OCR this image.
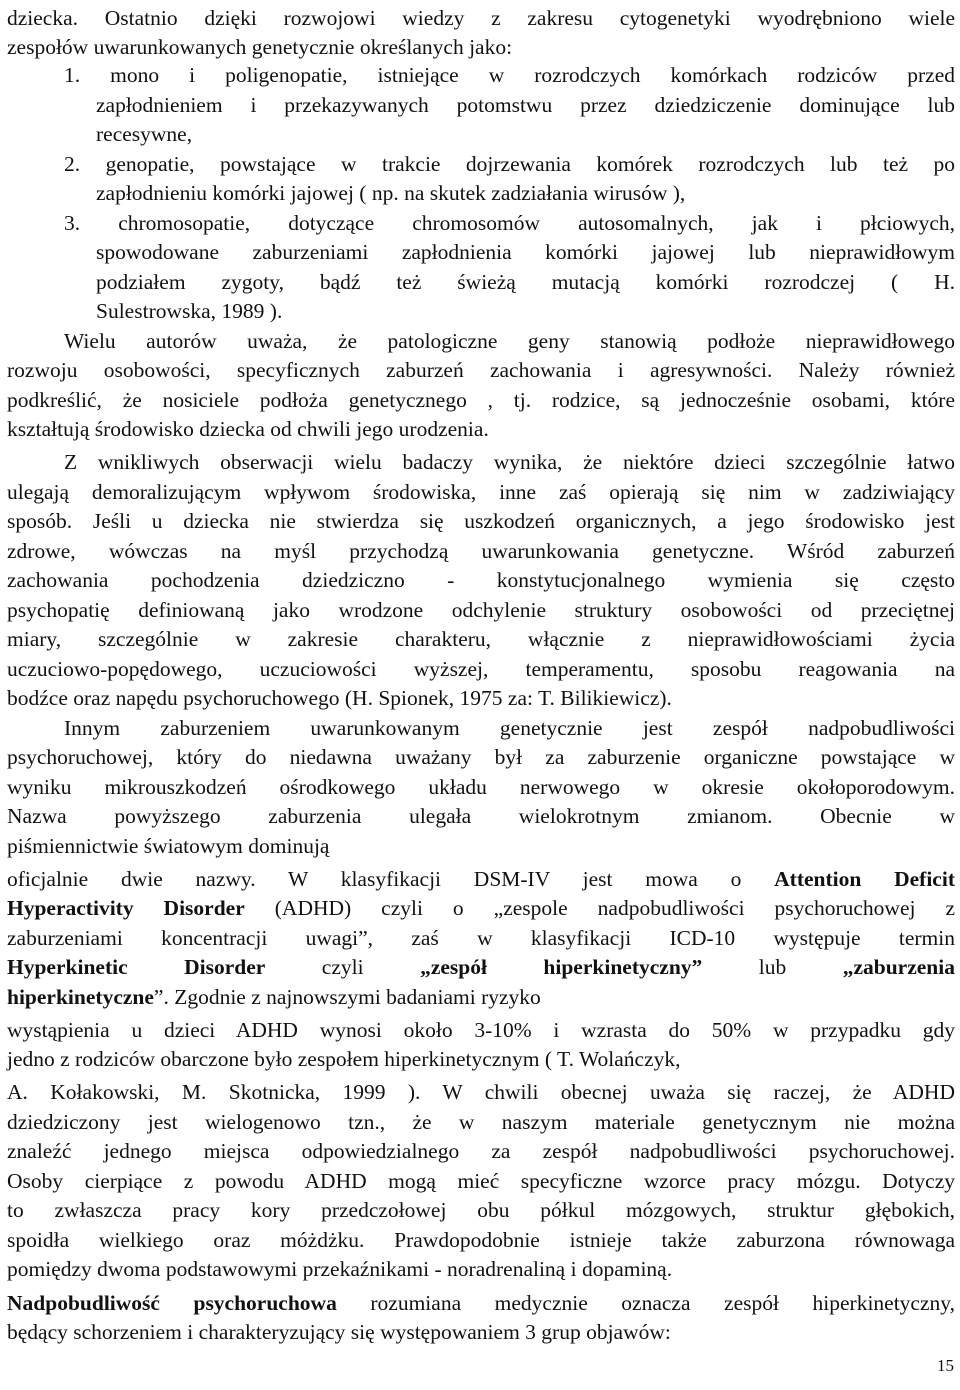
dziecka. Ostatnio dzięki rozwojowi wiedzy z zakresu cytogenetyki wyodrębniono wiele
zespołów uwarunkowanych genetycznie określanych jako:
1. mono i poligenopatie, istniejące w rozrodczych komórkach rodziców przed
zapłodnieniem i przekazywanych potomstwu przez dziedziczenie dominujące lub
recesywne,
2. genopatie, powstające w trakcie dojrzewania komórek rozrodczych lub też po
zapłodnieniu komórki jajowej ( np. na skutek zadziałania wirusów ),
3. chromosopatie, dotyczące chromosomów autosomalnych, jak i płciowych,
spowodowane zaburzeniami zapłodnienia komórki jajowej lub nieprawidłowym
podziałem zygoty, bądź też świeżą mutacją komórki rozrodczej ( H.
Sulestrowska, 1989 ).
Wielu autorów uważa, że patologiczne geny stanowią podłoże nieprawidłowego
rozwoju osobowości, specyficznych zaburzeń zachowania i agresywności. Należy również
podkreślić, że nosiciele podłoża genetycznego , tj. rodzice, są jednocześnie osobami, które
kształtują środowisko dziecka od chwili jego urodzenia.
Z wnikliwych obserwacji wielu badaczy wynika, że niektóre dzieci szczególnie łatwo
ulegają demoralizującym wpływom środowiska, inne zaś opierają się nim w zadziwiający
sposób. Jeśli u dziecka nie stwierdza się uszkodzeń organicznych, a jego środowisko jest
zdrowe, wówczas na myśl przychodzą uwarunkowania genetyczne. Wśród zaburzeń
zachowania pochodzenia dziedziczno - konstytucjonalnego wymienia się często
psychopatię definiowaną jako wrodzone odchylenie struktury osobowości od przeciętnej
miary, szczególnie w zakresie charakteru, włącznie z nieprawidłowościami życia
uczuciowo-popędowego, uczuciowości wyższej, temperamentu, sposobu reagowania na
bodźce oraz napędu psychoruchowego (H. Spionek, 1975 za: T. Bilikiewicz).
Innym zaburzeniem uwarunkowanym genetycznie jest zespół nadpobudliwości
psychoruchowej, który do niedawna uważany był za zaburzenie organiczne powstające w
wyniku mikrouszkodzeń ośrodkowego układu nerwowego w okresie okołoporodowym.
Nazwa powyższego zaburzenia ulegała wielokrotnym zmianom. Obecnie w
piśmiennictwie światowym dominują
oficjalnie dwie nazwy. W klasyfikacji DSM-IV jest mowa o Attention Deficit
Hyperactivity Disorder (ADHD) czyli o „zespole nadpobudliwości psychoruchowej z
zaburzeniami koncentracji uwagi”, zaś w klasyfikacji ICD-10 występuje termin
Hyperkinetic Disorder czyli „zespół hiperkinetyczny” lub „zaburzenia
hiperkinetyczne”. Zgodnie z najnowszymi badaniami ryzyko
wystąpienia u dzieci ADHD wynosi około 3-10% i wzrasta do 50% w przypadku gdy
jedno z rodziców obarczone było zespołem hiperkinetycznym ( T. Wolańczyk,
A. Kołakowski, M. Skotnicka, 1999 ). W chwili obecnej uważa się raczej, że ADHD
dziedziczony jest wielogenowo tzn., że w naszym materiale genetycznym nie można
znaleźć jednego miejsca odpowiedzialnego za zespół nadpobudliwości psychoruchowej.
Osoby cierpiące z powodu ADHD mogą mieć specyficzne wzorce pracy mózgu. Dotyczy
to zwłaszcza pracy kory przedczołowej obu półkul mózgowych, struktur głębokich,
spoidła wielkiego oraz móżdżku. Prawdopodobnie istnieje także zaburzona równowaga
pomiędzy dwoma podstawowymi przekaźnikami - noradrenaliną i dopaminą.
Nadpobudliwość psychoruchowa rozumiana medycznie oznacza zespół hiperkinetyczny,
będący schorzeniem i charakteryzujący się występowaniem 3 grup objawów:
15
